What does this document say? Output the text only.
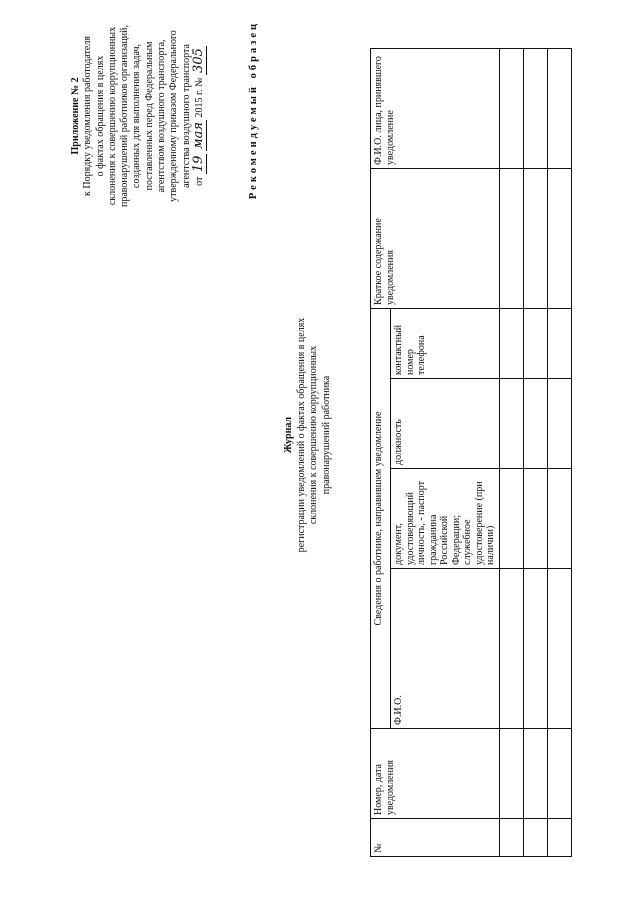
Приложение № 2 к Порядку уведомления работодателя о фактах обращения в целях склонения к совершению коррупционных правонарушений работников организаций, созданных для выполнения задач, поставленных перед Федеральным агентством воздушного транспорта, утвержденному приказом Федерального агентства воздушного транспорта от 19 мая 2015 г. № 305	Рекомендуемый образец
Журнал регистрации уведомлений о фактах обращения в целях склонения к совершению коррупционных правонарушений работника
№	Номер, дата уведомления	Сведения о работнике, направившем уведомление				Краткое содержание уведомления	Ф.И.О. лица, принявшего уведомление
		Ф.И.О.	документ, удостоверяющий личность, - паспорт гражданина Российской Федерации; служебное удостоверение (при наличии)	должность	контактный номер телефона		
